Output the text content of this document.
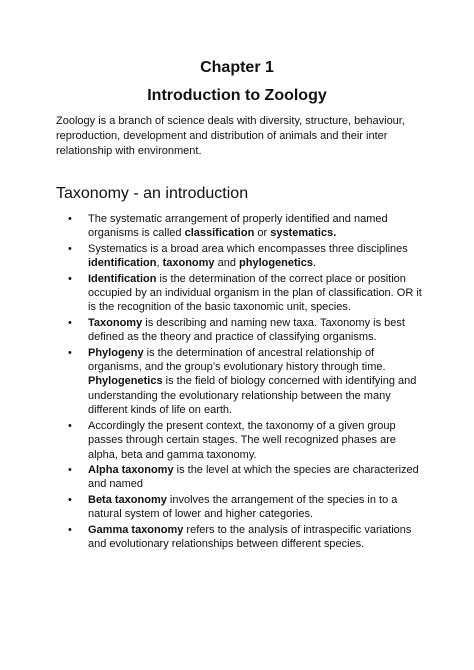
Chapter 1
Introduction to Zoology

Zoology is a branch of science deals with diversity, structure, behaviour, reproduction, development and distribution of animals and their inter relationship with environment.

Taxonomy - an introduction
• The systematic arrangement of properly identified and named organisms is called classification or systematics.
• Systematics is a broad area which encompasses three disciplines identification, taxonomy and phylogenetics.
• Identification is the determination of the correct place or position occupied by an individual organism in the plan of classification. OR it is the recognition of the basic taxonomic unit, species.
• Taxonomy is describing and naming new taxa. Taxonomy is best defined as the theory and practice of classifying organisms.
• Phylogeny is the determination of ancestral relationship of organisms, and the group’s evolutionary history through time. Phylogenetics is the field of biology concerned with identifying and understanding the evolutionary relationship between the many different kinds of life on earth.
• Accordingly the present context, the taxonomy of a given group passes through certain stages. The well recognized phases are alpha, beta and gamma taxonomy.
• Alpha taxonomy is the level at which the species are characterized and named
• Beta taxonomy involves the arrangement of the species in to a natural system of lower and higher categories.
• Gamma taxonomy refers to the analysis of intraspecific variations and evolutionary relationships between different species.
